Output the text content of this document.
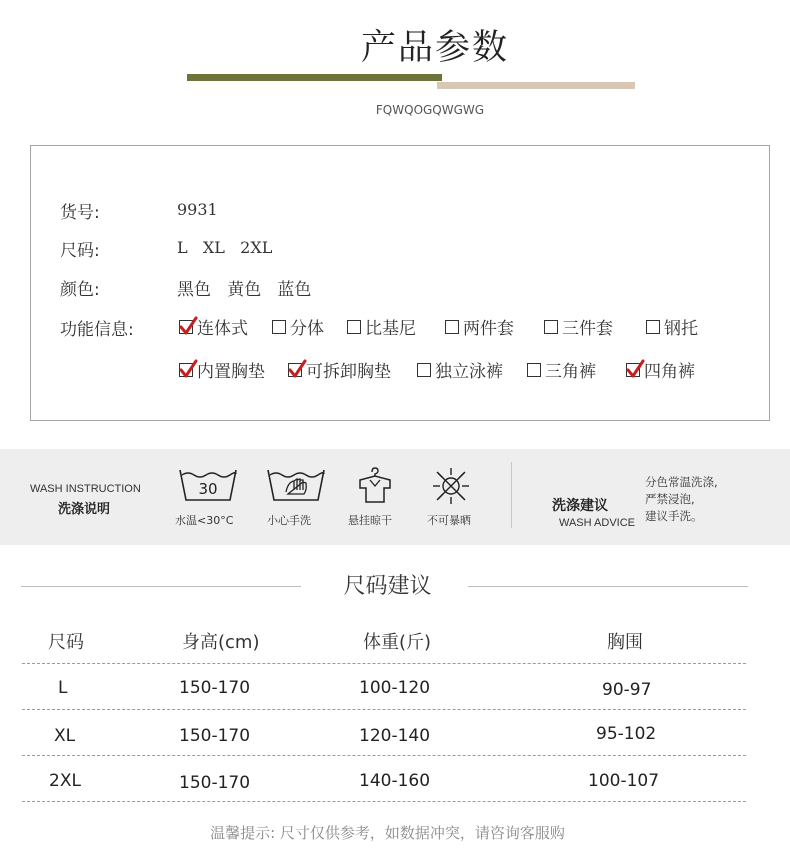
产品参数
FQWQOGQWGWG
货号:	9931
尺码:	L   XL   2XL
颜色:	黑色   黄色   蓝色
功能信息:	连体式 分体 比基尼	两件套	三件套	钢托
内置胸垫 可拆卸胸垫	独立泳裤 三角裤	四角裤
WASH INSTRUCTION
洗涤说明
30
水温<30°C	小心手洗	悬挂晾干	不可暴晒
洗涤建议
WASH ADVICE
分色常温洗涤,
严禁浸泡,
建议手洗。
尺码建议
尺码	身高(cm)	体重(斤)	胸围
L	150-170	100-120	90-97
XL	150-170	120-140	95-102
2XL	150-170	140-160	100-107
温馨提示: 尺寸仅供参考，如数据冲突，请咨询客服购
